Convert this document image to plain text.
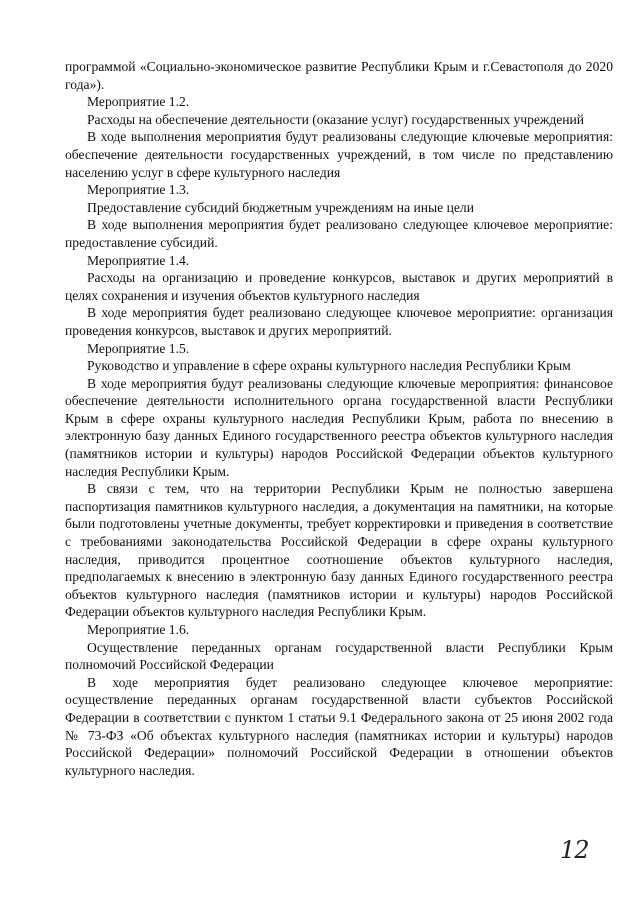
программой «Социально-экономическое развитие Республики Крым и г.Севастополя до 2020 года»).

Мероприятие 1.2.

Расходы на обеспечение деятельности (оказание услуг) государственных учреждений

В ходе выполнения мероприятия будут реализованы следующие ключевые мероприятия: обеспечение деятельности государственных учреждений, в том числе по представлению населению услуг в сфере культурного наследия

Мероприятие 1.3.

Предоставление субсидий бюджетным учреждениям на иные цели

В ходе выполнения мероприятия будет реализовано следующее ключевое мероприятие: предоставление субсидий.

Мероприятие 1.4.

Расходы на организацию и проведение конкурсов, выставок и других мероприятий в целях сохранения и изучения объектов культурного наследия

В ходе мероприятия будет реализовано следующее ключевое мероприятие: организация проведения конкурсов, выставок и других мероприятий.

Мероприятие 1.5.

Руководство и управление в сфере охраны культурного наследия Республики Крым

В ходе мероприятия будут реализованы следующие ключевые мероприятия: финансовое обеспечение деятельности исполнительного органа государственной власти Республики Крым в сфере охраны культурного наследия Республики Крым, работа по внесению в электронную базу данных Единого государственного реестра объектов культурного наследия (памятников истории и культуры) народов Российской Федерации объектов культурного наследия Республики Крым.

В связи с тем, что на территории Республики Крым не полностью завершена паспортизация памятников культурного наследия, а документация на памятники, на которые были подготовлены учетные документы, требует корректировки и приведения в соответствие с требованиями законодательства Российской Федерации в сфере охраны культурного наследия, приводится процентное соотношение объектов культурного наследия, предполагаемых к внесению в электронную базу данных Единого государственного реестра объектов культурного наследия (памятников истории и культуры) народов Российской Федерации объектов культурного наследия Республики Крым.

Мероприятие 1.6.

Осуществление переданных органам государственной власти Республики Крым полномочий Российской Федерации

В ходе мероприятия будет реализовано следующее ключевое мероприятие: осуществление переданных органам государственной власти субъектов Российской Федерации в соответствии с пунктом 1 статьи 9.1 Федерального закона от 25 июня 2002 года № 73-ФЗ «Об объектах культурного наследия (памятниках истории и культуры) народов Российской Федерации» полномочий Российской Федерации в отношении объектов культурного наследия.

12
